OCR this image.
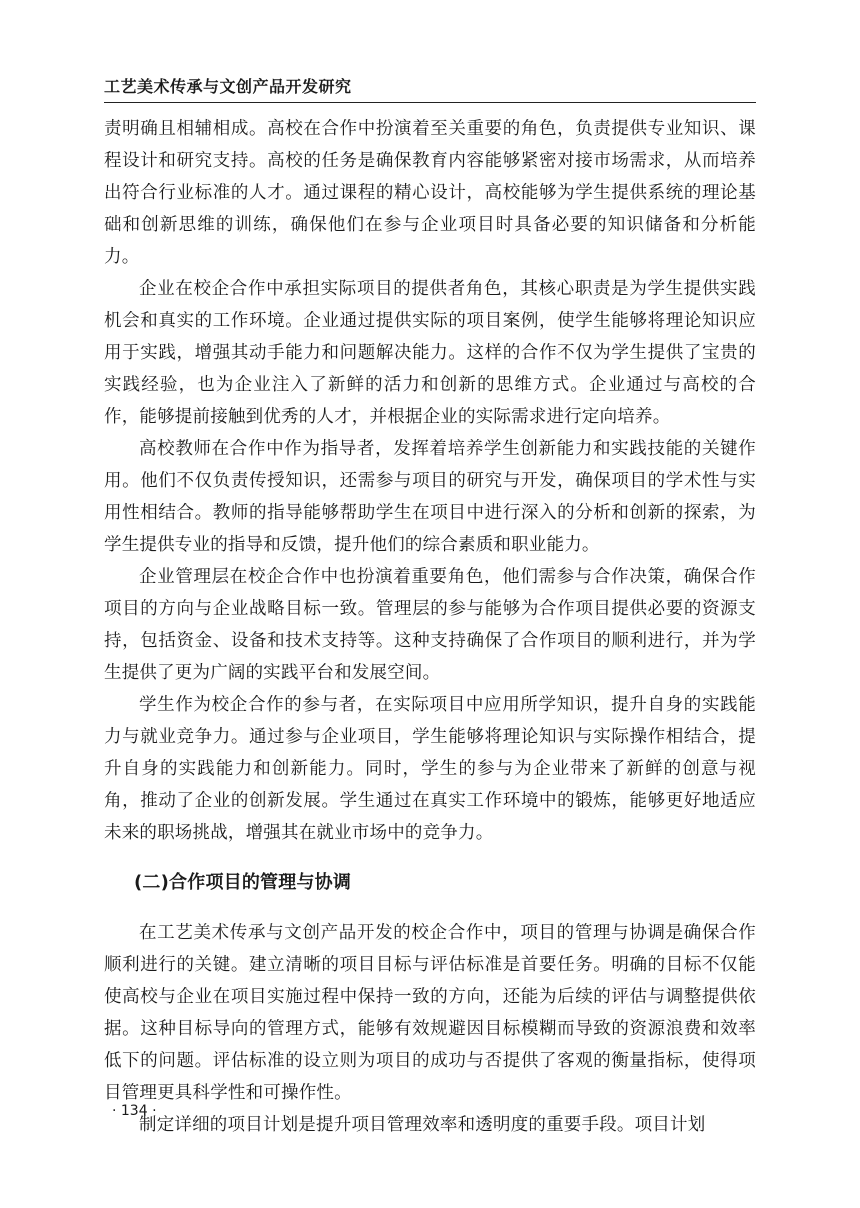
工艺美术传承与文创产品开发研究

责明确且相辅相成。高校在合作中扮演着至关重要的角色，负责提供专业知识、课程设计和研究支持。高校的任务是确保教育内容能够紧密对接市场需求，从而培养出符合行业标准的人才。通过课程的精心设计，高校能够为学生提供系统的理论基础和创新思维的训练，确保他们在参与企业项目时具备必要的知识储备和分析能力。

企业在校企合作中承担实际项目的提供者角色，其核心职责是为学生提供实践机会和真实的工作环境。企业通过提供实际的项目案例，使学生能够将理论知识应用于实践，增强其动手能力和问题解决能力。这样的合作不仅为学生提供了宝贵的实践经验，也为企业注入了新鲜的活力和创新的思维方式。企业通过与高校的合作，能够提前接触到优秀的人才，并根据企业的实际需求进行定向培养。

高校教师在合作中作为指导者，发挥着培养学生创新能力和实践技能的关键作用。他们不仅负责传授知识，还需参与项目的研究与开发，确保项目的学术性与实用性相结合。教师的指导能够帮助学生在项目中进行深入的分析和创新的探索，为学生提供专业的指导和反馈，提升他们的综合素质和职业能力。

企业管理层在校企合作中也扮演着重要角色，他们需参与合作决策，确保合作项目的方向与企业战略目标一致。管理层的参与能够为合作项目提供必要的资源支持，包括资金、设备和技术支持等。这种支持确保了合作项目的顺利进行，并为学生提供了更为广阔的实践平台和发展空间。

学生作为校企合作的参与者，在实际项目中应用所学知识，提升自身的实践能力与就业竞争力。通过参与企业项目，学生能够将理论知识与实际操作相结合，提升自身的实践能力和创新能力。同时，学生的参与为企业带来了新鲜的创意与视角，推动了企业的创新发展。学生通过在真实工作环境中的锻炼，能够更好地适应未来的职场挑战，增强其在就业市场中的竞争力。

(二)合作项目的管理与协调

在工艺美术传承与文创产品开发的校企合作中，项目的管理与协调是确保合作顺利进行的关键。建立清晰的项目目标与评估标准是首要任务。明确的目标不仅能使高校与企业在项目实施过程中保持一致的方向，还能为后续的评估与调整提供依据。这种目标导向的管理方式，能够有效规避因目标模糊而导致的资源浪费和效率低下的问题。评估标准的设立则为项目的成功与否提供了客观的衡量指标，使得项目管理更具科学性和可操作性。

制定详细的项目计划是提升项目管理效率和透明度的重要手段。项目计划

· 134 ·
